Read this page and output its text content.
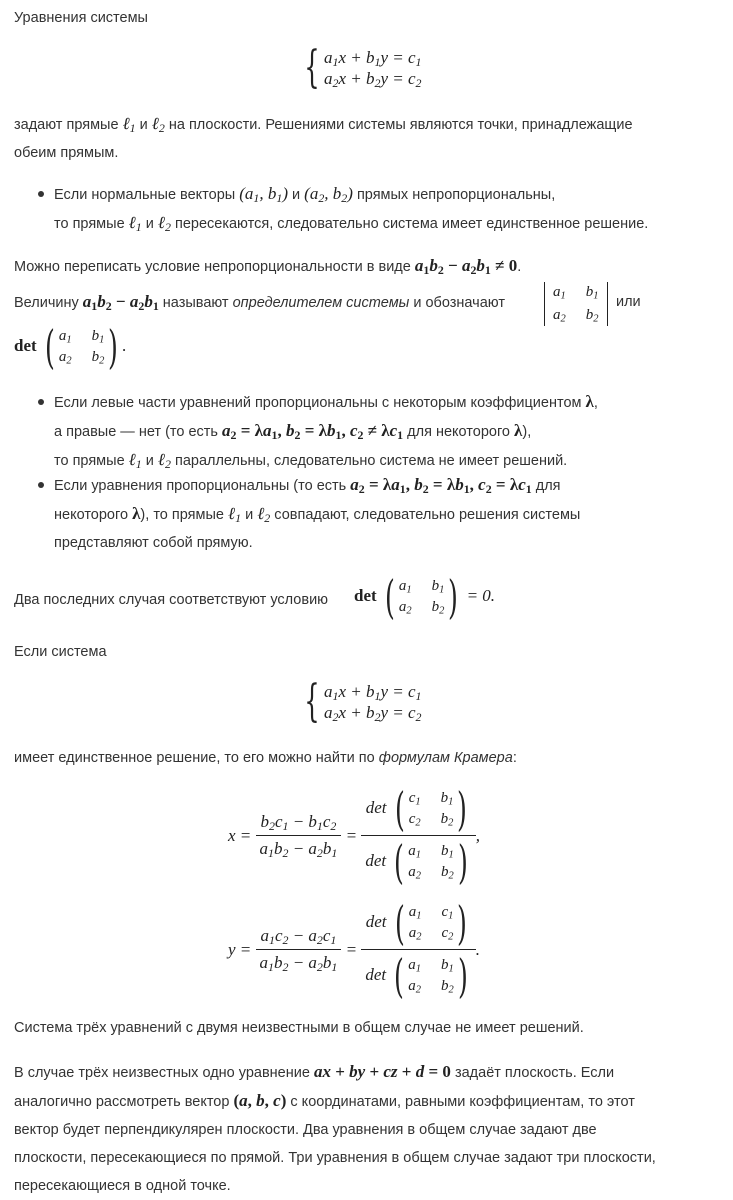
Уравнения системы
{ $a_1x + b_1y = c_1$
$a_2x + b_2y = c_2$
задают прямые ℓ$_1$ и ℓ$_2$ на плоскости. Решениями системы являются точки, принадлежащие
обеим прямым.
Если нормальные векторы ($a_1$, $b_1$) и ($a_2$, $b_2$) прямых непропорциональны,
то прямые ℓ$_1$ и ℓ$_2$ пересекаются, следовательно система имеет единственное решение.
Можно переписать условие непропорциональности в виде $a_1b_2 - a_2b_1 \ne 0$.
Величину $a_1b_2 - a_2b_1$ называют определителем системы и обозначают
$a_1$ $b_1$
$a_2$ $b_2$
или
det ( $a_1$ $b_1$
$a_2$ $b_2$ ) .
Если левые части уравнений пропорциональны с некоторым коэффициентом λ,
а правые — нет (то есть $a_2 = \lambda a_1$, $b_2 = \lambda b_1$, $c_2 \ne \lambda c_1$ для некоторого λ),
то прямые ℓ$_1$ и ℓ$_2$ параллельны, следовательно система не имеет решений.
Если уравнения пропорциональны (то есть $a_2 = \lambda a_1$, $b_2 = \lambda b_1$, $c_2 = \lambda c_1$ для
некоторого λ), то прямые ℓ$_1$ и ℓ$_2$ совпадают, следовательно решения системы
представляют собой прямую.
Два последних случая соответствуют условию det ( $a_1$ $b_1$
$a_2$ $b_2$ ) = 0.
Если система
{ $a_1x + b_1y = c_1$
$a_2x + b_2y = c_2$
имеет единственное решение, то его можно найти по формулам Крамера:
$x = \frac{b_2c_1 - b_1c_2}{a_1b_2 - a_2b_1} = \det$ ( $c_1$ $b_1$
$c_2$ $b_2$ )
det ( $a_1$ $b_1$
$a_2$ $b_2$ ) ,
$y = \frac{a_1c_2 - a_2c_1}{a_1b_2 - a_2b_1} = \det$ ( $a_1$ $c_1$
$a_2$ $c_2$ )
det ( $a_1$ $b_1$
$a_2$ $b_2$ ) .
Система трёх уравнений с двумя неизвестными в общем случае не имеет решений.
В случае трёх неизвестных одно уравнение ax + by + cz + d = 0 задаёт плоскость. Если
аналогично рассмотреть вектор (a, b, c) с координатами, равными коэффициентам, то этот
вектор будет перпендикулярен плоскости. Два уравнения в общем случае задают две
плоскости, пересекающиеся по прямой. Три уравнения в общем случае задают три плоскости,
пересекающиеся в одной точке.
